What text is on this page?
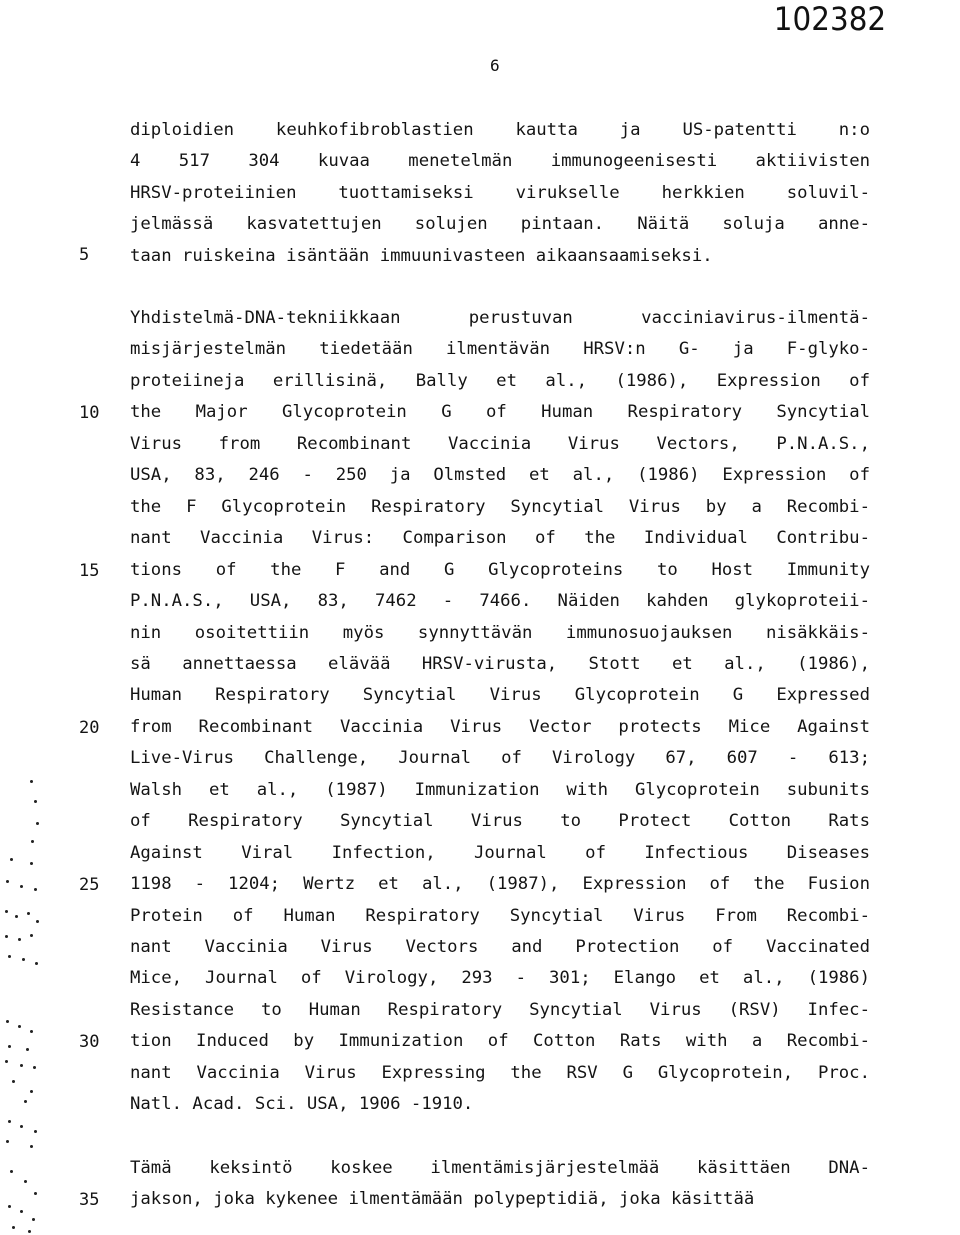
102382
6
diploidien keuhkofibroblastien kautta ja US-patentti n:o
4 517 304 kuvaa menetelmän immunogeenisesti aktiivisten
HRSV-proteiinien tuottamiseksi virukselle herkkien soluvil-
jelmässä kasvatettujen solujen pintaan. Näitä soluja anne-
taan ruiskeina isäntään immuunivasteen aikaansaamiseksi.
Yhdistelmä-DNA-tekniikkaan perustuvan vacciniavirus-ilmentä-
misjärjestelmän tiedetään ilmentävän HRSV:n G- ja F-glyko-
proteiineja erillisinä, Bally et al., (1986), Expression of
the Major Glycoprotein G of Human Respiratory Syncytial
Virus from Recombinant Vaccinia Virus Vectors, P.N.A.S.,
USA, 83, 246 - 250 ja Olmsted et al., (1986) Expression of
the F Glycoprotein Respiratory Syncytial Virus by a Recombi-
nant Vaccinia Virus: Comparison of the Individual Contribu-
tions of the F and G Glycoproteins to Host Immunity
P.N.A.S., USA, 83, 7462 - 7466. Näiden kahden glykoproteii-
nin osoitettiin myös synnyttävän immunosuojauksen nisäkkäis-
sä annettaessa elävää HRSV-virusta, Stott et al., (1986),
Human Respiratory Syncytial Virus Glycoprotein G Expressed
from Recombinant Vaccinia Virus Vector protects Mice Against
Live-Virus Challenge, Journal of Virology 67, 607 - 613;
Walsh et al., (1987) Immunization with Glycoprotein subunits
of Respiratory Syncytial Virus to Protect Cotton Rats
Against Viral Infection, Journal of Infectious Diseases
1198 - 1204; Wertz et al., (1987), Expression of the Fusion
Protein of Human Respiratory Syncytial Virus From Recombi-
nant Vaccinia Virus Vectors and Protection of Vaccinated
Mice, Journal of Virology, 293 - 301; Elango et al., (1986)
Resistance to Human Respiratory Syncytial Virus (RSV) Infec-
tion Induced by Immunization of Cotton Rats with a Recombi-
nant Vaccinia Virus Expressing the RSV G Glycoprotein, Proc.
Natl. Acad. Sci. USA, 1906 -1910.
Tämä keksintö koskee ilmentämisjärjestelmää käsittäen DNA-
jakson, joka kykenee ilmentämään polypeptidiä, joka käsittää
5
10
15
20
25
30
35
